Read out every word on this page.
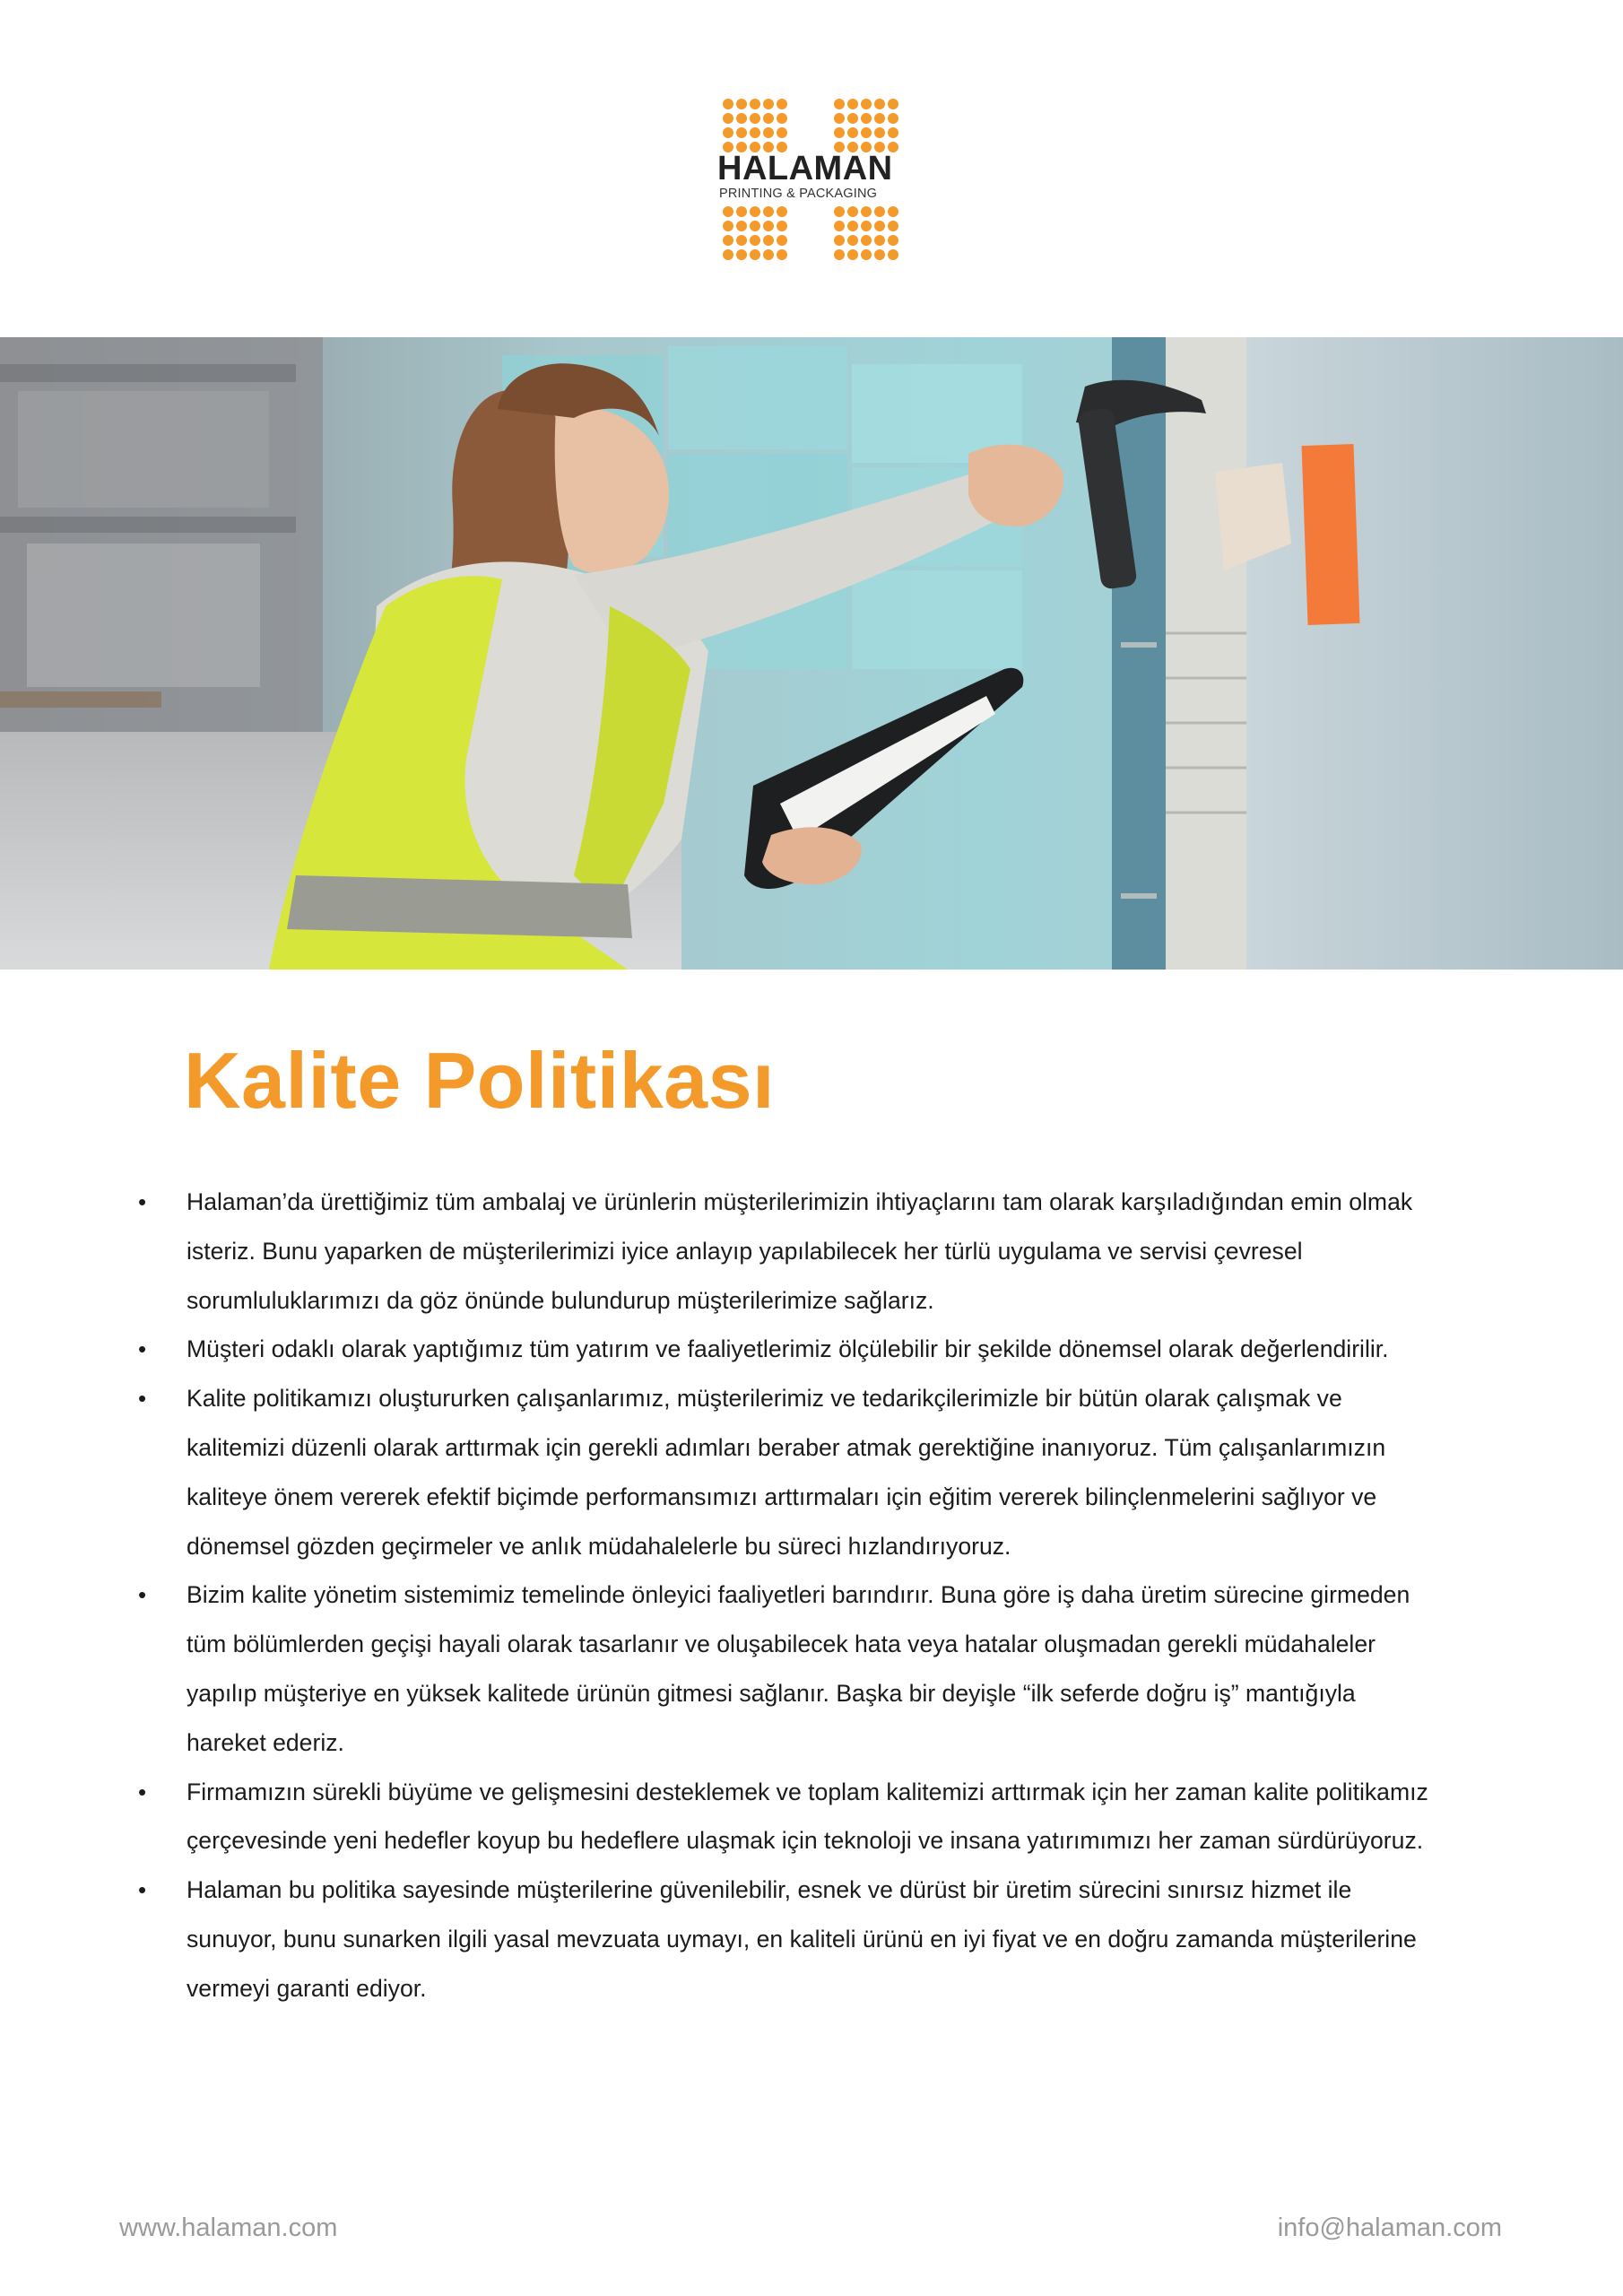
HALAMAN
PRINTING & PACKAGING
Kalite Politikası
• Halaman’da ürettiğimiz tüm ambalaj ve ürünlerin müşterilerimizin ihtiyaçlarını tam olarak karşıladığından emin olmak isteriz. Bunu yaparken de müşterilerimizi iyice anlayıp yapılabilecek her türlü uygulama ve servisi çevresel sorumluluklarımızı da göz önünde bulundurup müşterilerimize sağlarız.
• Müşteri odaklı olarak yaptığımız tüm yatırım ve faaliyetlerimiz ölçülebilir bir şekilde dönemsel olarak değerlendirilir.
• Kalite politikamızı oluştururken çalışanlarımız, müşterilerimiz ve tedarikçilerimizle bir bütün olarak çalışmak ve kalitemizi düzenli olarak arttırmak için gerekli adımları beraber atmak gerektiğine inanıyoruz. Tüm çalışanlarımızın kaliteye önem vererek efektif biçimde performansımızı arttırmaları için eğitim vererek bilinçlenmelerini sağlıyor ve dönemsel gözden geçirmeler ve anlık müdahalelerle bu süreci hızlandırıyoruz.
• Bizim kalite yönetim sistemimiz temelinde önleyici faaliyetleri barındırır. Buna göre iş daha üretim sürecine girmeden tüm bölümlerden geçişi hayali olarak tasarlanır ve oluşabilecek hata veya hatalar oluşmadan gerekli müdahaleler yapılıp müşteriye en yüksek kalitede ürünün gitmesi sağlanır. Başka bir deyişle “ilk seferde doğru iş” mantığıyla hareket ederiz.
• Firmamızın sürekli büyüme ve gelişmesini desteklemek ve toplam kalitemizi arttırmak için her zaman kalite politikamız çerçevesinde yeni hedefler koyup bu hedeflere ulaşmak için teknoloji ve insana yatırımımızı her zaman sürdürüyoruz.
• Halaman bu politika sayesinde müşterilerine güvenilebilir, esnek ve dürüst bir üretim sürecini sınırsız hizmet ile sunuyor, bunu sunarken ilgili yasal mevzuata uymayı, en kaliteli ürünü en iyi fiyat ve en doğru zamanda müşterilerine vermeyi garanti ediyor.
www.halaman.com	info@halaman.com
